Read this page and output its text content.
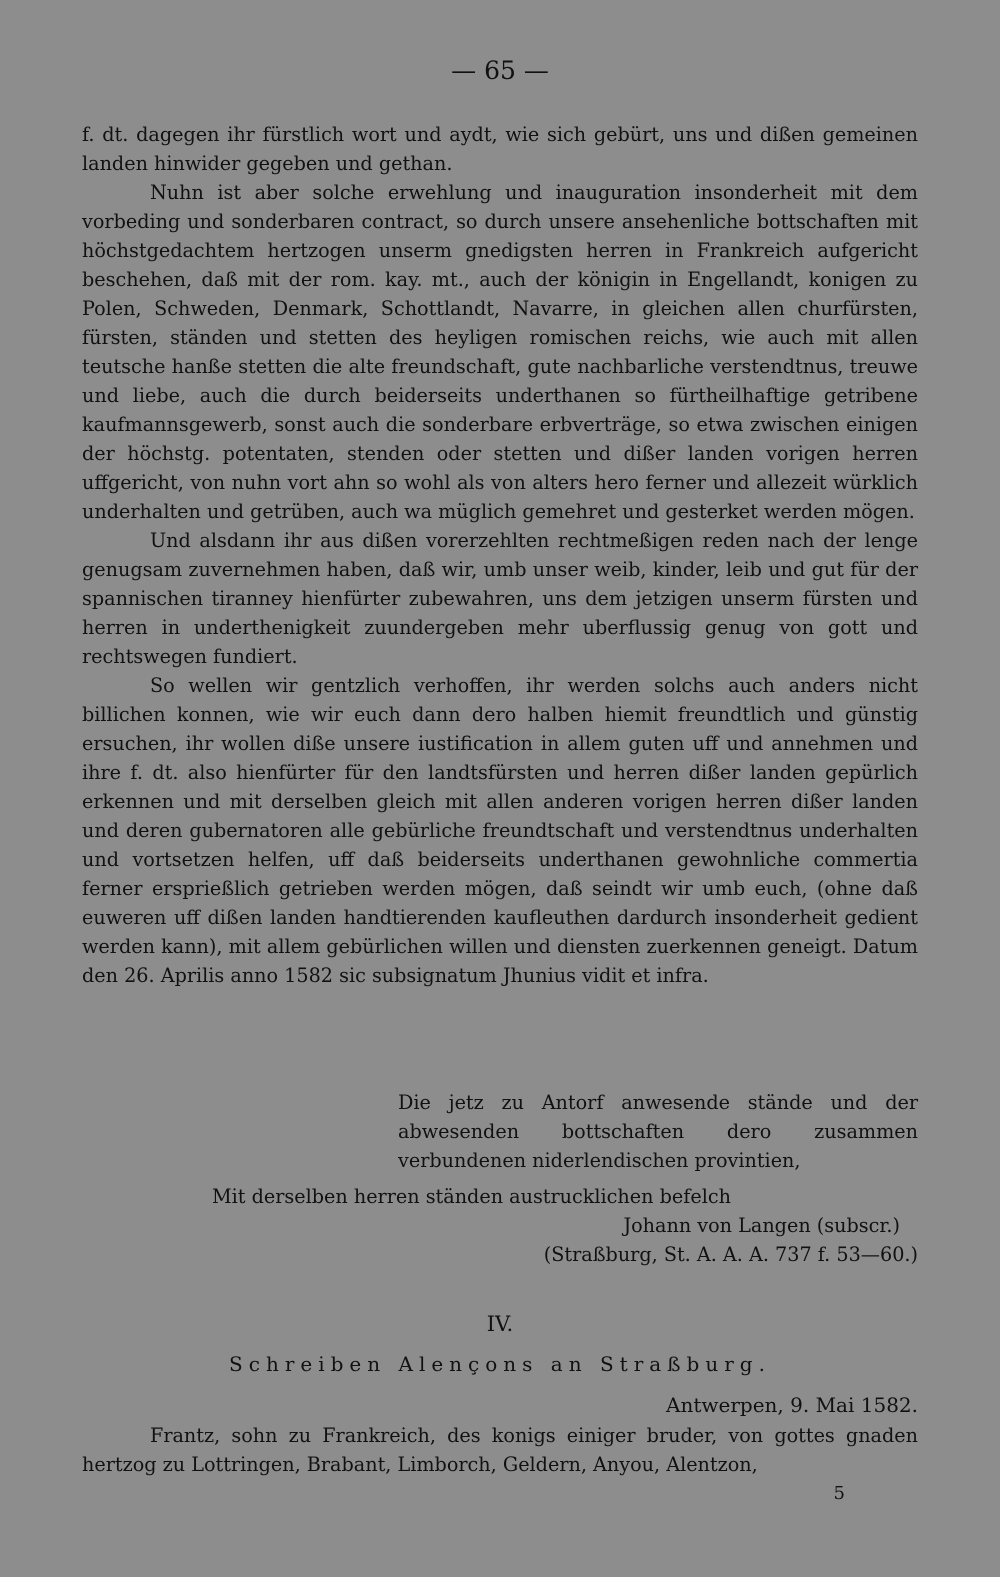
— 65 —

f. dt. dagegen ihr fürstlich wort und aydt, wie sich gebürt, uns und dißen gemeinen landen hinwider gegeben und gethan.

Nuhn ist aber solche erwehlung und inauguration insonderheit mit dem vorbeding und sonderbaren contract, so durch unsere ansehenliche bottschaften mit höchstgedachtem hertzogen unserm gnedigsten herren in Frankreich aufgericht beschehen, daß mit der rom. kay. mt., auch der königin in Engellandt, konigen zu Polen, Schweden, Denmark, Schottlandt, Navarre, in gleichen allen churfürsten, fürsten, ständen und stetten des heyligen romischen reichs, wie auch mit allen teutsche hanße stetten die alte freundschaft, gute nachbarliche verstendtnus, treuwe und liebe, auch die durch beiderseits underthanen so fürtheilhaftige getribene kaufmannsgewerb, sonst auch die sonderbare erbverträge, so etwa zwischen einigen der höchstg. potentaten, stenden oder stetten und dißer landen vorigen herren uffgericht, von nuhn vort ahn so wohl als von alters hero ferner und allezeit würklich underhalten und getrüben, auch wa müglich gemehret und gesterket werden mögen.

Und alsdann ihr aus dißen vorerzehlten rechtmeßigen reden nach der lenge genugsam zuvernehmen haben, daß wir, umb unser weib, kinder, leib und gut für der spannischen tiranney hienfürter zubewahren, uns dem jetzigen unserm fürsten und herren in underthenigkeit zuundergeben mehr uberflussig genug von gott und rechtswegen fundiert.

So wellen wir gentzlich verhoffen, ihr werden solchs auch anders nicht billichen konnen, wie wir euch dann dero halben hiemit freundtlich und günstig ersuchen, ihr wollen diße unsere iustification in allem guten uff und annehmen und ihre f. dt. also hienfürter für den landtsfürsten und herren dißer landen gepürlich erkennen und mit derselben gleich mit allen anderen vorigen herren dißer landen und deren gubernatoren alle gebürliche freundtschaft und verstendtnus underhalten und vortsetzen helfen, uff daß beiderseits underthanen gewohnliche commertia ferner ersprießlich getrieben werden mögen, daß seindt wir umb euch, (ohne daß euweren uff dißen landen handtierenden kaufleuthen dardurch insonderheit gedient werden kann), mit allem gebürlichen willen und diensten zuerkennen geneigt. Datum den 26. Aprilis anno 1582 sic subsignatum Jhunius vidit et infra.

Die jetz zu Antorf anwesende stände und der abwesenden bottschaften dero zusammen verbundenen niderlendischen provintien,

Mit derselben herren ständen austrucklichen befelch
Johann von Langen (subscr.)
(Straßburg, St. A. A. A. 737 f. 53—60.)
IV.
Schreiben Alençons an Straßburg.
Antwerpen, 9. Mai 1582.

Frantz, sohn zu Frankreich, des konigs einiger bruder, von gottes gnaden hertzog zu Lottringen, Brabant, Limborch, Geldern, Anyou, Alentzon,

5
